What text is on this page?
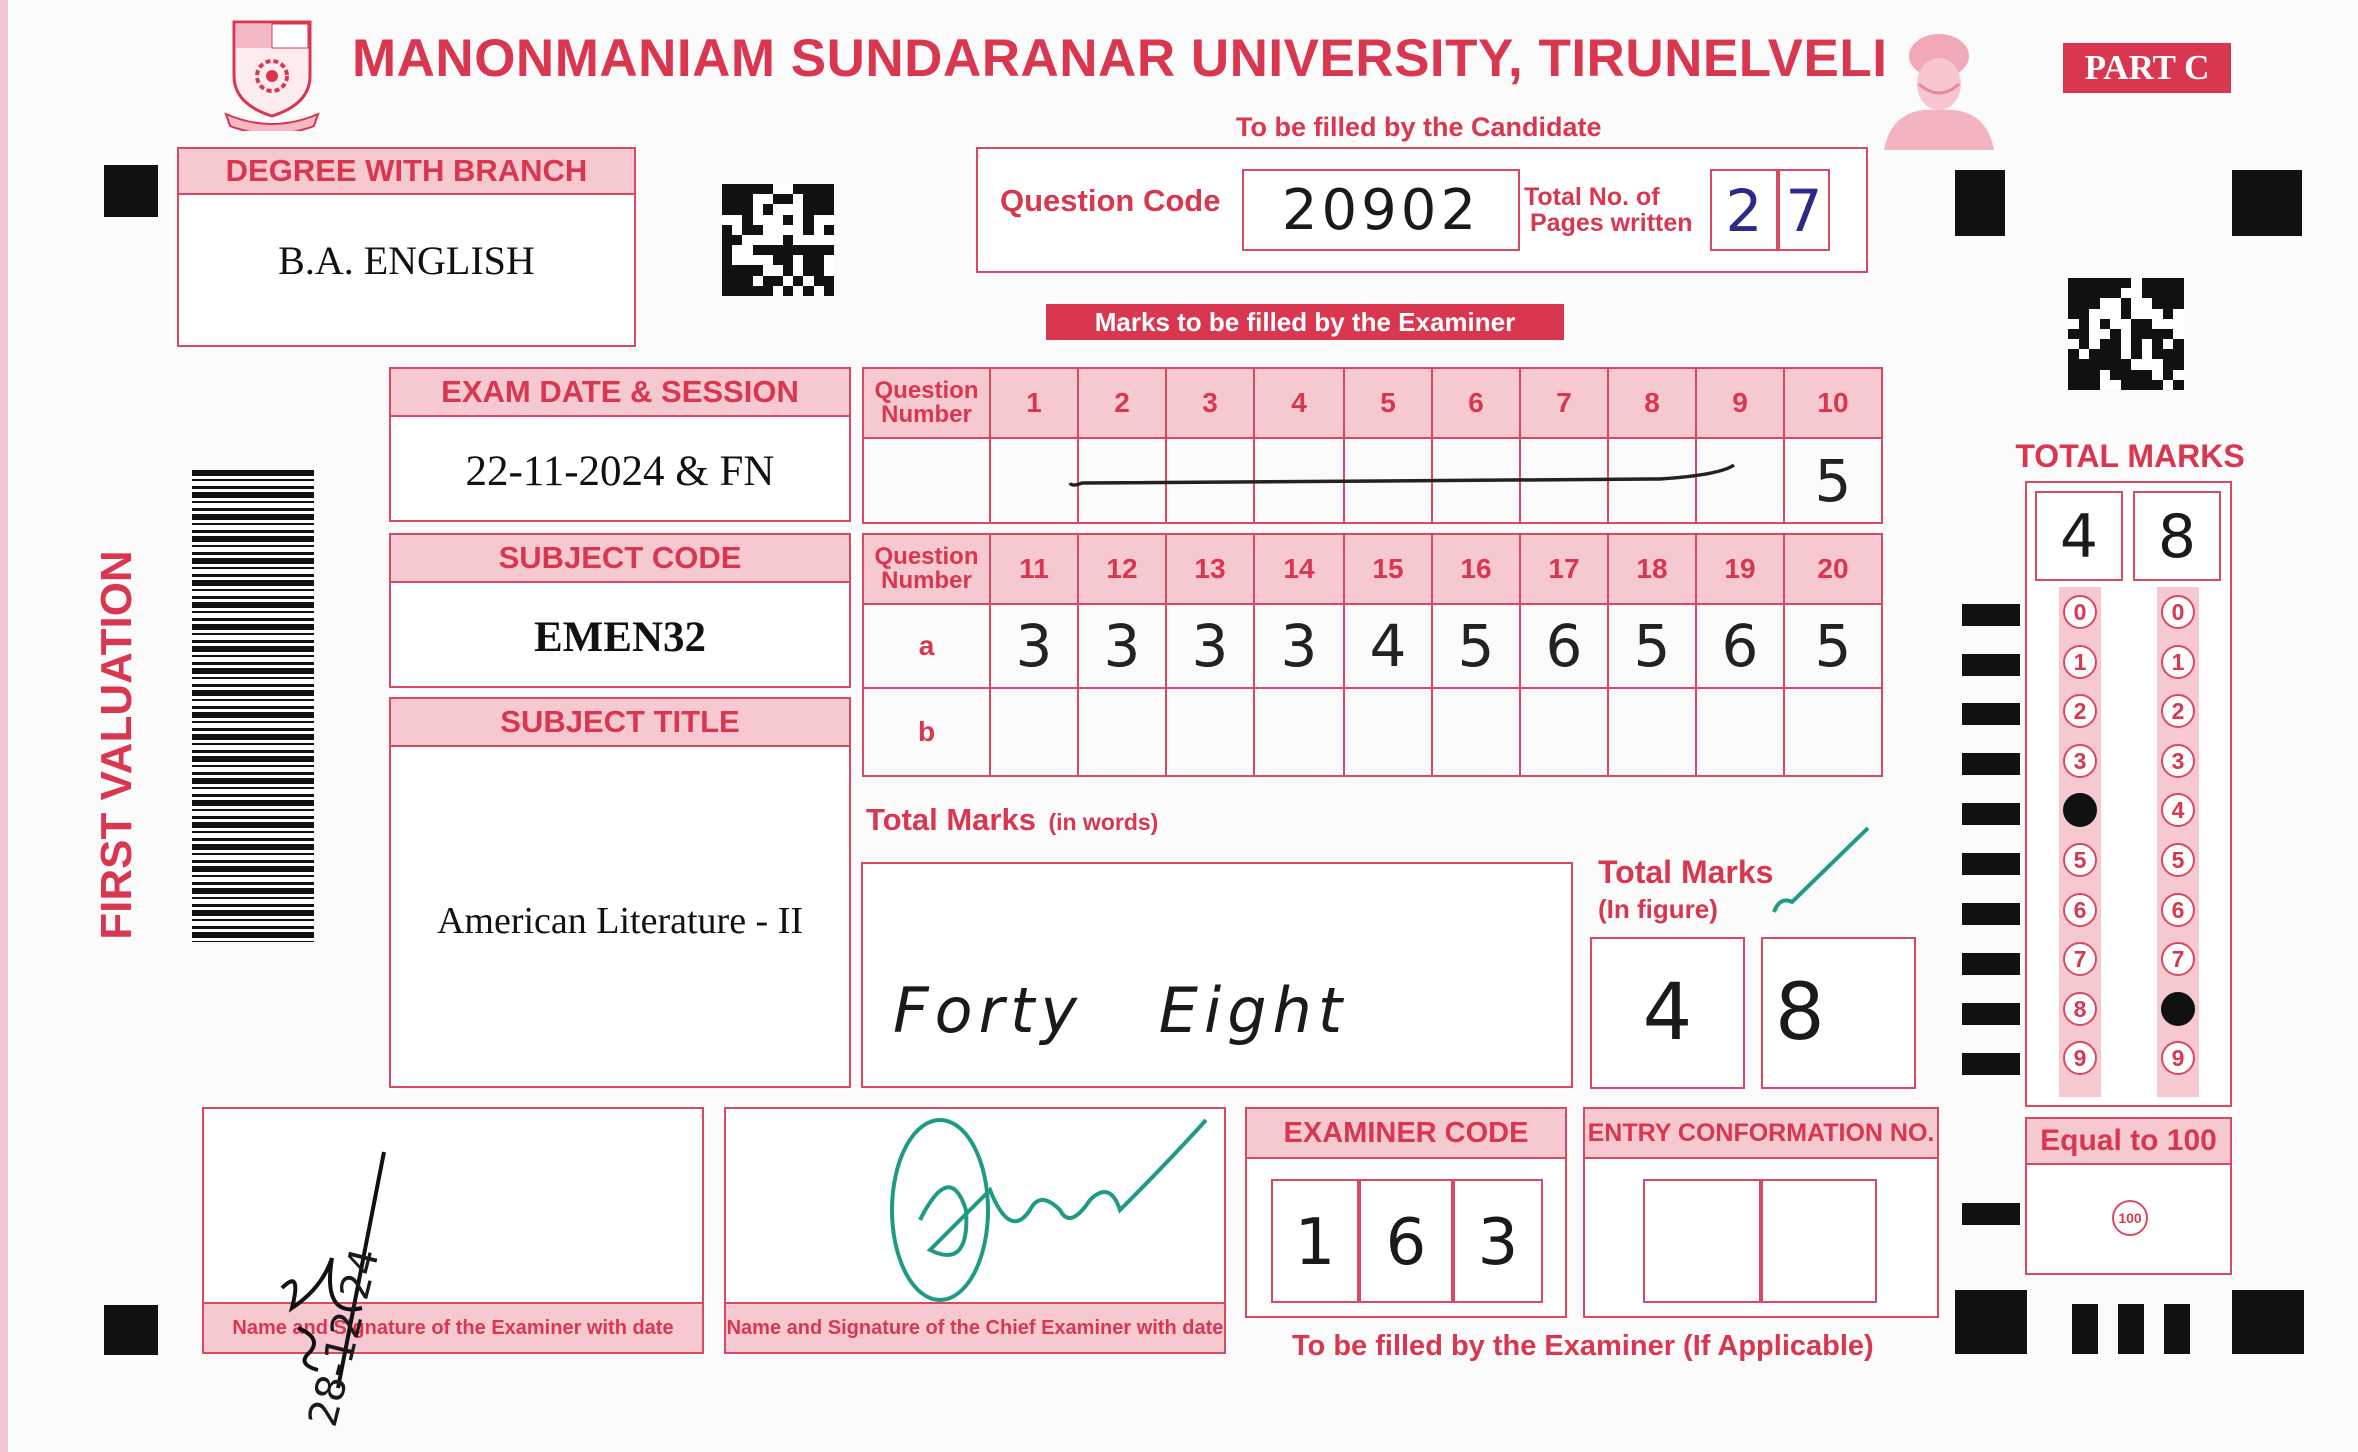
MANONMANIAM SUNDARANAR UNIVERSITY, TIRUNELVELI
To be filled by the Candidate
PART C
FIRST VALUATION
DEGREE WITH BRANCH
B.A. ENGLISH
Question Code	20902	Total No. of
Pages written 2 7
Marks to be filled by the Examiner
EXAM DATE & SESSION
22-11-2024 & FN
SUBJECT CODE
EMEN32
SUBJECT TITLE
American Literature - II
Question
Number	1	2	3	4	5	6	7	8	9	10
										5
Question
Number	11	12	13	14	15	16	17	18	19	20
a	3	3	3	3	4	5	6	5	6	5
b										
Total Marks (in words)
Forty Eight
Total Marks
(In figure)
4	8
TOTAL MARKS
4 8
0
1
2
3
5
6
7
8
9
0
1
2
3
4
5
6
7
9
Equal to 100
100
Name and Signature of the Examiner with date
28-12-24	Name and Signature of the Chief Examiner with date
EXAMINER CODE
1 6 3
ENTRY CONFORMATION NO.
To be filled by the Examiner (If Applicable)
